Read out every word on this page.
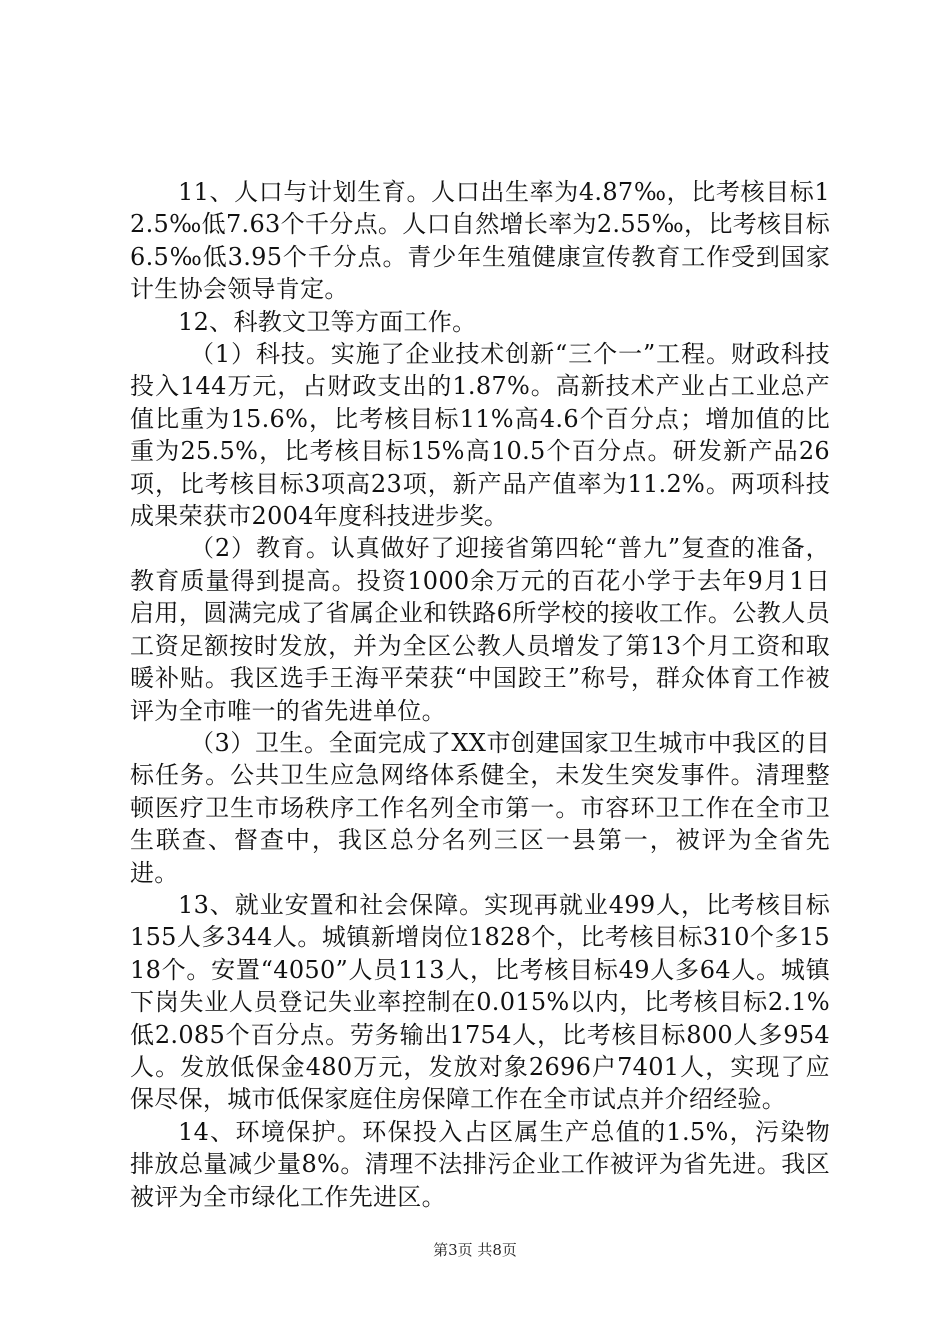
11、人口与计划生育。人口出生率为4.87‰，比考核目标12.5‰低7.63个千分点。人口自然增长率为2.55‰，比考核目标6.5‰低3.95个千分点。青少年生殖健康宣传教育工作受到国家计生协会领导肯定。

12、科教文卫等方面工作。

（1）科技。实施了企业技术创新“三个一”工程。财政科技投入144万元，占财政支出的1.87%。高新技术产业占工业总产值比重为15.6%，比考核目标11%高4.6个百分点；增加值的比重为25.5%，比考核目标15%高10.5个百分点。研发新产品26项，比考核目标3项高23项，新产品产值率为11.2%。两项科技成果荣获市2004年度科技进步奖。

（2）教育。认真做好了迎接省第四轮“普九”复查的准备，教育质量得到提高。投资1000余万元的百花小学于去年9月1日启用，圆满完成了省属企业和铁路6所学校的接收工作。公教人员工资足额按时发放，并为全区公教人员增发了第13个月工资和取暖补贴。我区选手王海平荣获“中国跤王”称号，群众体育工作被评为全市唯一的省先进单位。

（3）卫生。全面完成了XX市创建国家卫生城市中我区的目标任务。公共卫生应急网络体系健全，未发生突发事件。清理整顿医疗卫生市场秩序工作名列全市第一。市容环卫工作在全市卫生联查、督查中，我区总分名列三区一县第一，被评为全省先进。

13、就业安置和社会保障。实现再就业499人，比考核目标155人多344人。城镇新增岗位1828个，比考核目标310个多1518个。安置“4050”人员113人，比考核目标49人多64人。城镇下岗失业人员登记失业率控制在0.015%以内，比考核目标2.1%低2.085个百分点。劳务输出1754人，比考核目标800人多954人。发放低保金480万元，发放对象2696户7401人，实现了应保尽保，城市低保家庭住房保障工作在全市试点并介绍经验。

14、环境保护。环保投入占区属生产总值的1.5%，污染物排放总量减少量8%。清理不法排污企业工作被评为省先进。我区被评为全市绿化工作先进区。

第3页 共8页
